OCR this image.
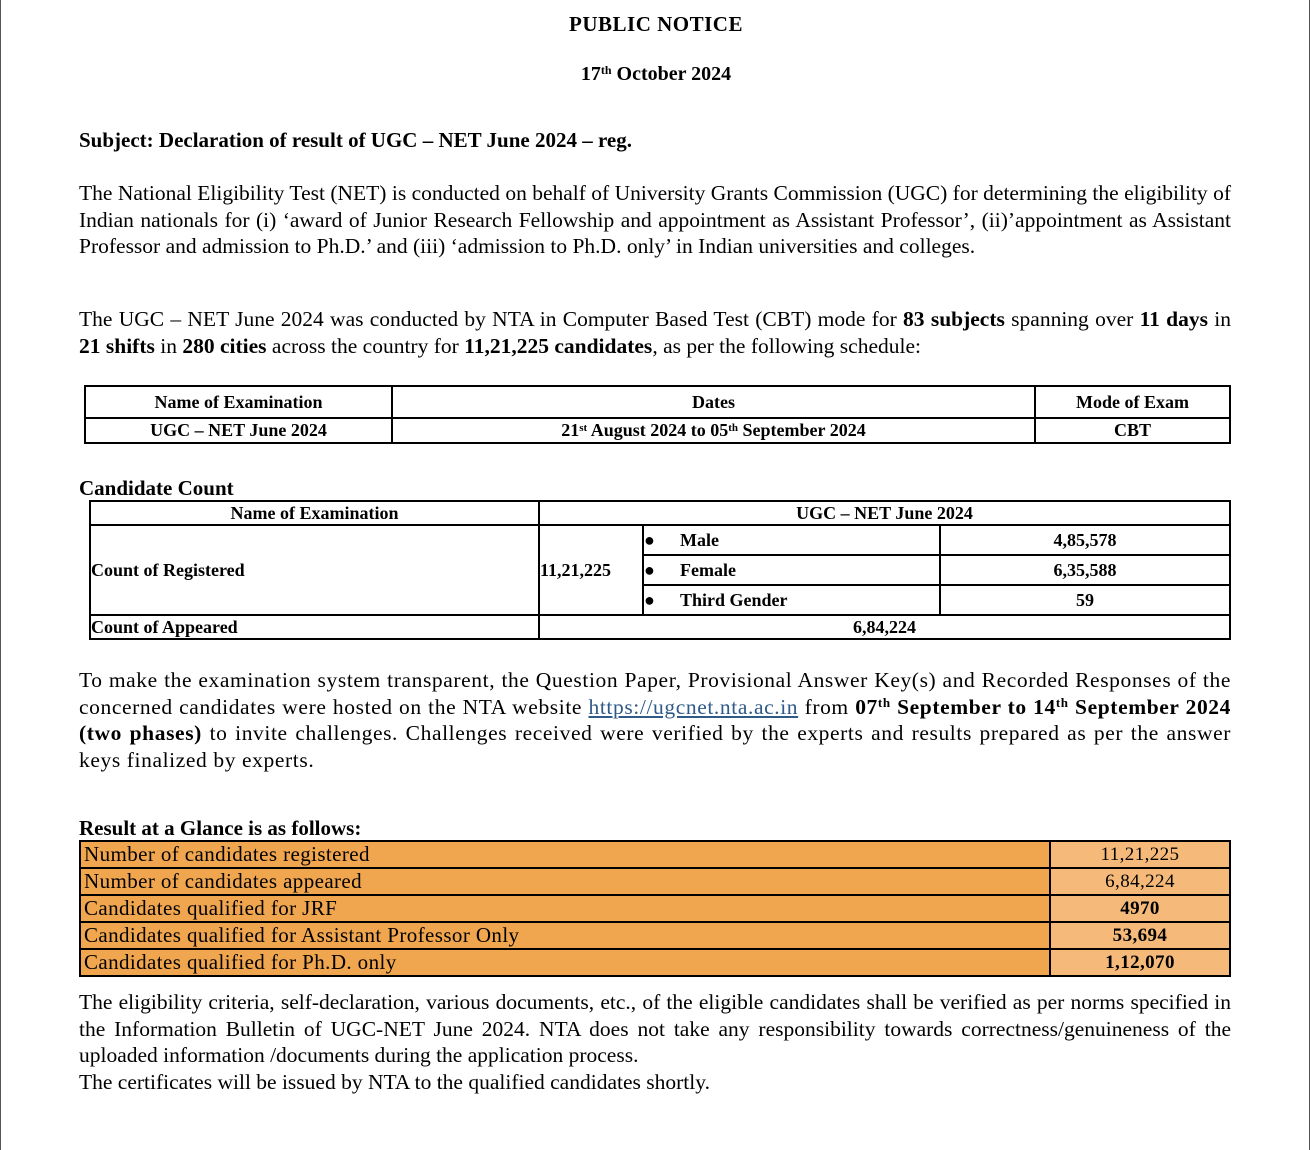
PUBLIC NOTICE
17th October 2024
Subject: Declaration of result of UGC – NET June 2024 – reg.
The National Eligibility Test (NET) is conducted on behalf of University Grants Commission (UGC) for determining the eligibility of Indian nationals for (i) ‘award of Junior Research Fellowship and appointment as Assistant Professor’, (ii)’appointment as Assistant Professor and admission to Ph.D.’ and (iii) ‘admission to Ph.D. only’ in Indian universities and colleges.
The UGC – NET June 2024 was conducted by NTA in Computer Based Test (CBT) mode for 83 subjects spanning over 11 days in 21 shifts in 280 cities across the country for 11,21,225 candidates, as per the following schedule:
Name of Examination	Dates	Mode of Exam
UGC – NET June 2024	21st August 2024 to 05th September 2024	CBT
Candidate Count
Name of Examination	UGC – NET June 2024		
Count of Registered	11,21,225	● Male	4,85,578
		● Female	6,35,588
		● Third Gender	59
Count of Appeared	6,84,224		
To make the examination system transparent, the Question Paper, Provisional Answer Key(s) and Recorded Responses of the concerned candidates were hosted on the NTA website https://ugcnet.nta.ac.in from 07th September to 14th September 2024 (two phases) to invite challenges. Challenges received were verified by the experts and results prepared as per the answer keys finalized by experts.
Result at a Glance is as follows:
Number of candidates registered	11,21,225
Number of candidates appeared	6,84,224
Candidates qualified for JRF	4970
Candidates qualified for Assistant Professor Only	53,694
Candidates qualified for Ph.D. only	1,12,070
The eligibility criteria, self-declaration, various documents, etc., of the eligible candidates shall be verified as per norms specified in the Information Bulletin of UGC-NET June 2024. NTA does not take any responsibility towards correctness/genuineness of the uploaded information /documents during the application process.
The certificates will be issued by NTA to the qualified candidates shortly.
